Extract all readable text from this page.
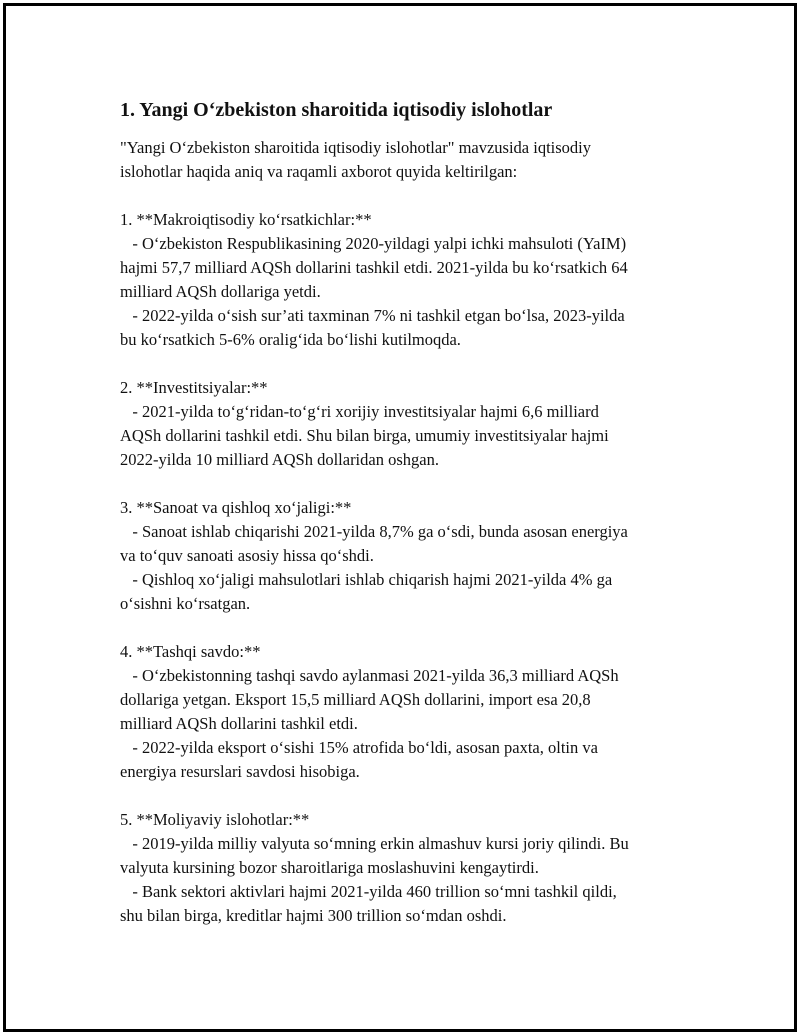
1. Yangi O‘zbekiston sharoitida iqtisodiy islohotlar
"Yangi O‘zbekiston sharoitida iqtisodiy islohotlar" mavzusida iqtisodiy
islohotlar haqida aniq va raqamli axborot quyida keltirilgan:
1. **Makroiqtisodiy ko‘rsatkichlar:**
- O‘zbekiston Respublikasining 2020-yildagi yalpi ichki mahsuloti (YaIM)
hajmi 57,7 milliard AQSh dollarini tashkil etdi. 2021-yilda bu ko‘rsatkich 64
milliard AQSh dollariga yetdi.
- 2022-yilda o‘sish sur’ati taxminan 7% ni tashkil etgan bo‘lsa, 2023-yilda
bu ko‘rsatkich 5-6% oralig‘ida bo‘lishi kutilmoqda.
2. **Investitsiyalar:**
- 2021-yilda to‘g‘ridan-to‘g‘ri xorijiy investitsiyalar hajmi 6,6 milliard
AQSh dollarini tashkil etdi. Shu bilan birga, umumiy investitsiyalar hajmi
2022-yilda 10 milliard AQSh dollaridan oshgan.
3. **Sanoat va qishloq xo‘jaligi:**
- Sanoat ishlab chiqarishi 2021-yilda 8,7% ga o‘sdi, bunda asosan energiya
va to‘quv sanoati asosiy hissa qo‘shdi.
- Qishloq xo‘jaligi mahsulotlari ishlab chiqarish hajmi 2021-yilda 4% ga
o‘sishni ko‘rsatgan.
4. **Tashqi savdo:**
- O‘zbekistonning tashqi savdo aylanmasi 2021-yilda 36,3 milliard AQSh
dollariga yetgan. Eksport 15,5 milliard AQSh dollarini, import esa 20,8
milliard AQSh dollarini tashkil etdi.
- 2022-yilda eksport o‘sishi 15% atrofida bo‘ldi, asosan paxta, oltin va
energiya resurslari savdosi hisobiga.
5. **Moliyaviy islohotlar:**
- 2019-yilda milliy valyuta so‘mning erkin almashuv kursi joriy qilindi. Bu
valyuta kursining bozor sharoitlariga moslashuvini kengaytirdi.
- Bank sektori aktivlari hajmi 2021-yilda 460 trillion so‘mni tashkil qildi,
shu bilan birga, kreditlar hajmi 300 trillion so‘mdan oshdi.
